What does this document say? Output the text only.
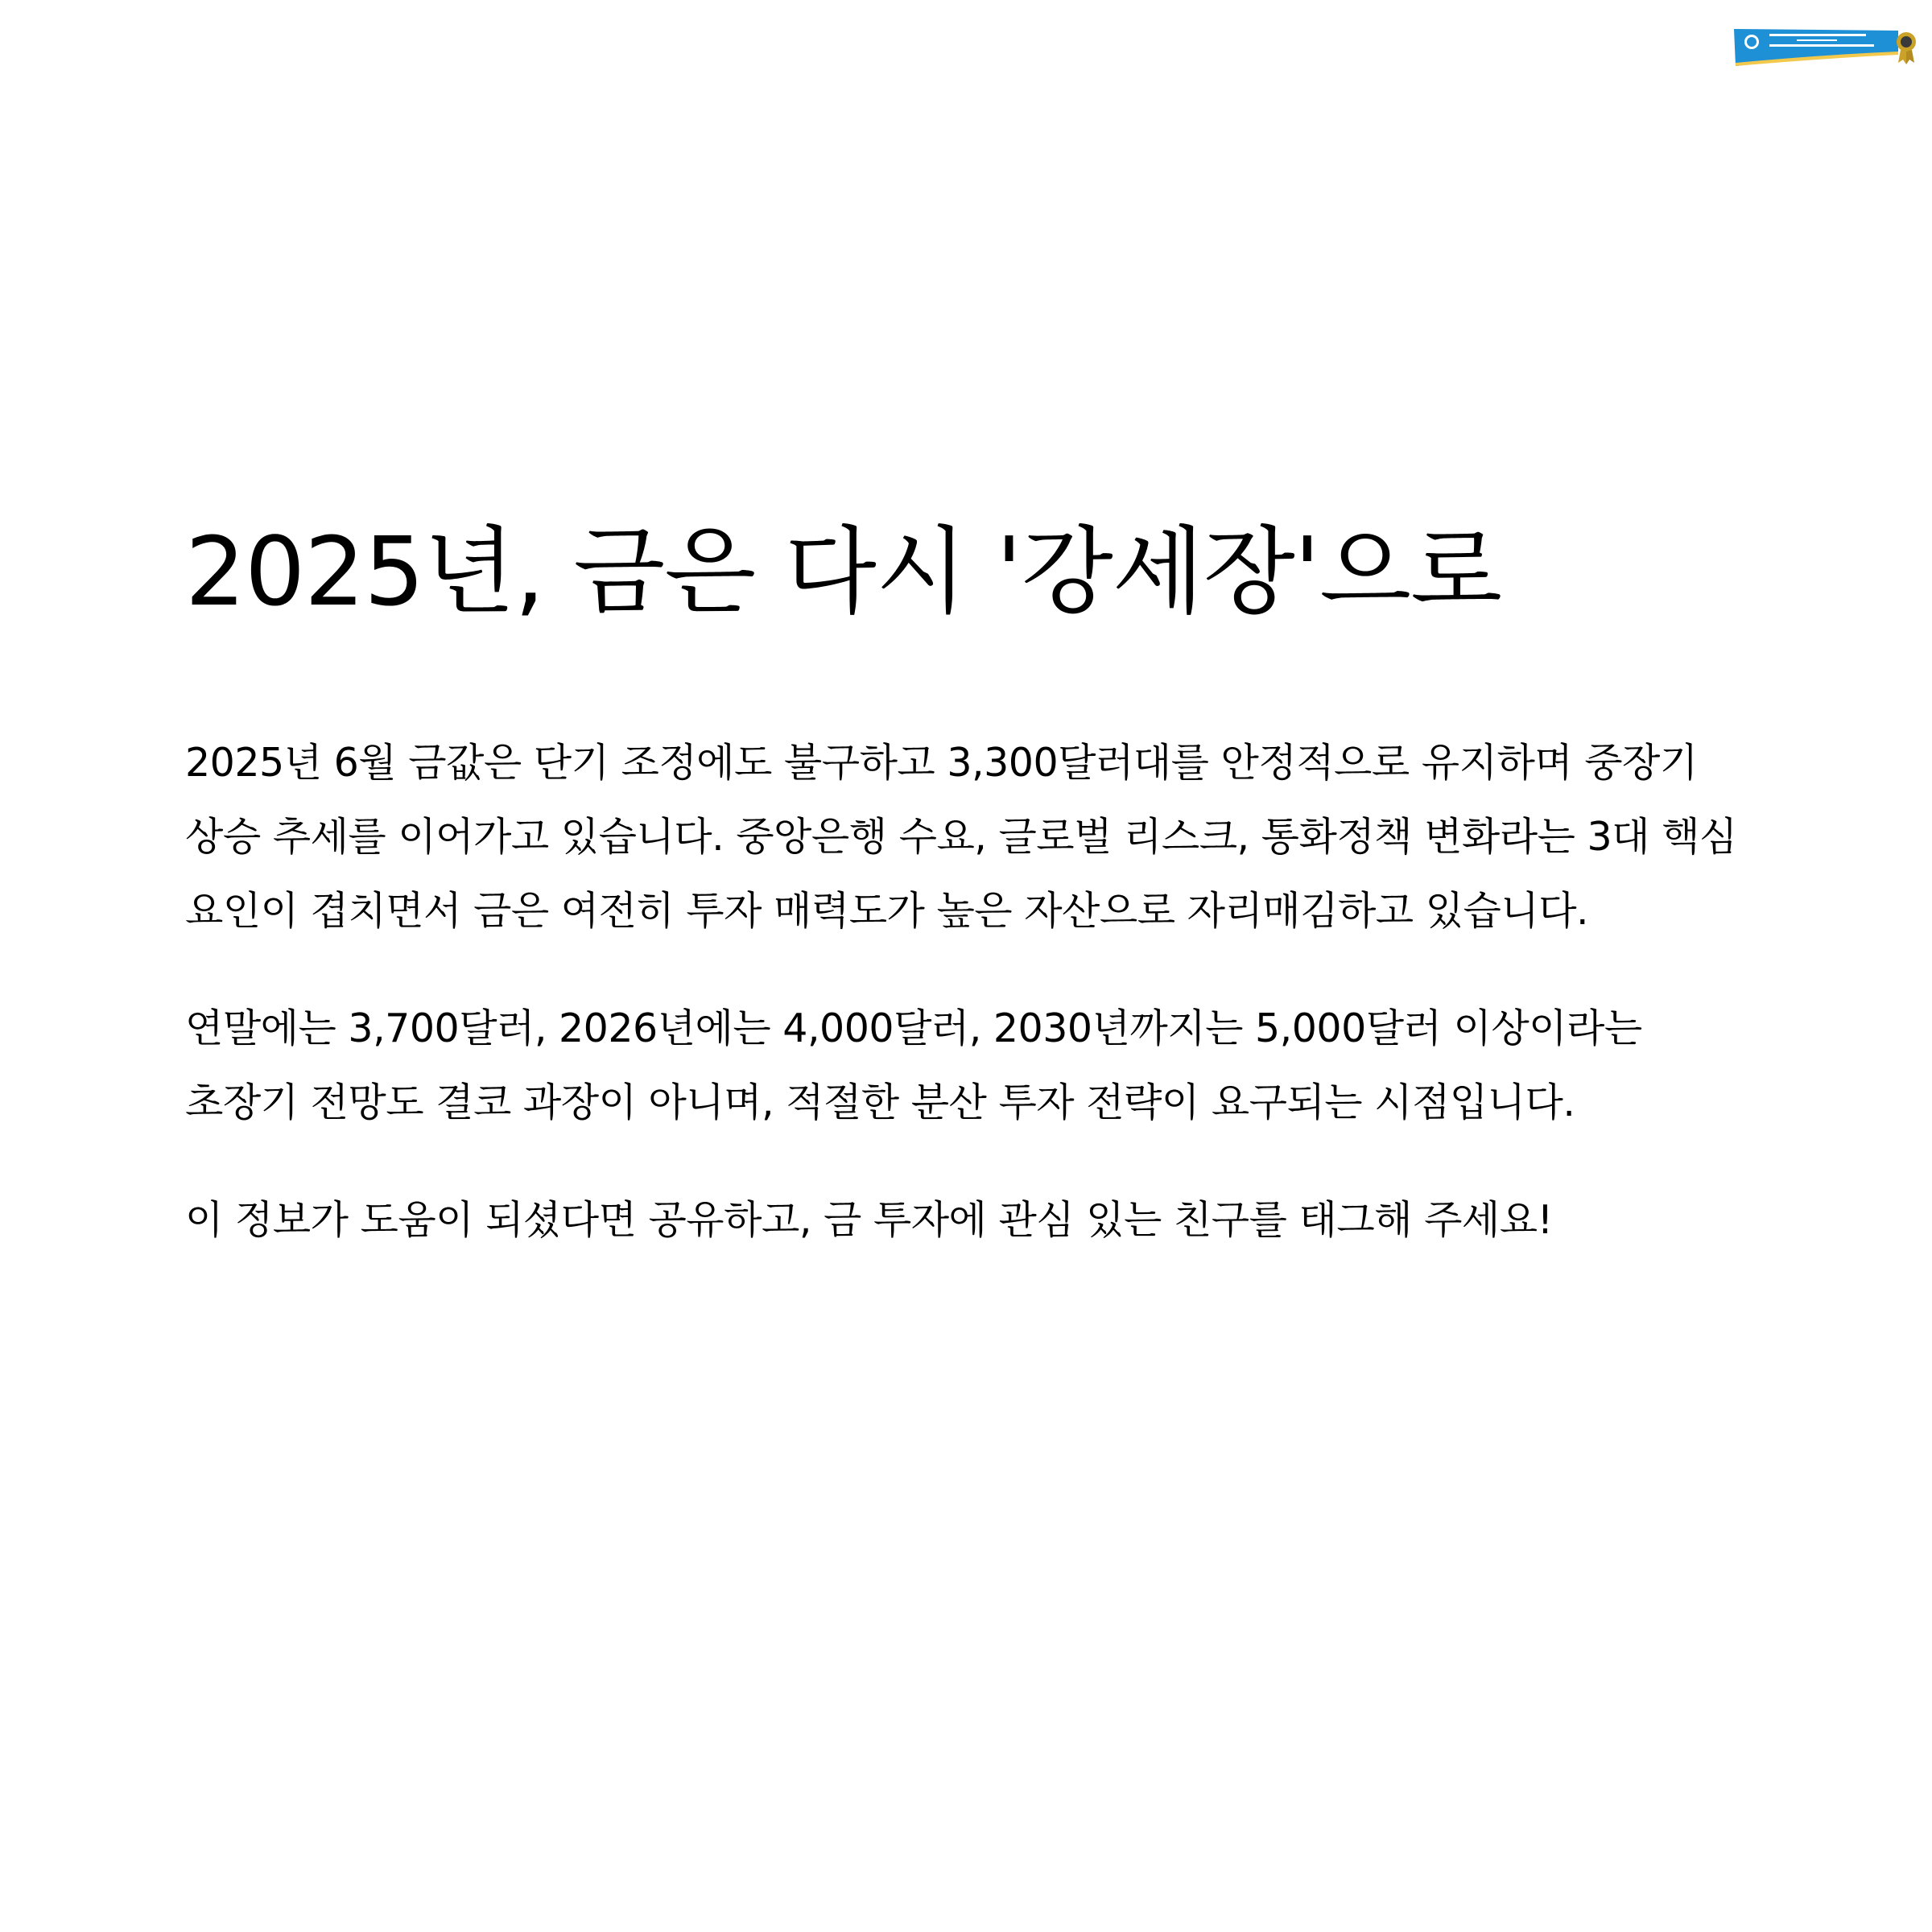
2025년, 금은 다시 '강세장'으로

2025년 6월 금값은 단기 조정에도 불구하고 3,300달러대를 안정적으로 유지하며 중장기 상승 추세를 이어가고 있습니다. 중앙은행 수요, 글로벌 리스크, 통화정책 변화라는 3대 핵심 요인이 겹치면서 금은 여전히 투자 매력도가 높은 자산으로 자리매김하고 있습니다.

연말에는 3,700달러, 2026년에는 4,000달러, 2030년까지는 5,000달러 이상이라는 초장기 전망도 결코 과장이 아니며, 적절한 분산 투자 전략이 요구되는 시점입니다.

이 정보가 도움이 되셨다면 공유하고, 금 투자에 관심 있는 친구를 태그해 주세요!
